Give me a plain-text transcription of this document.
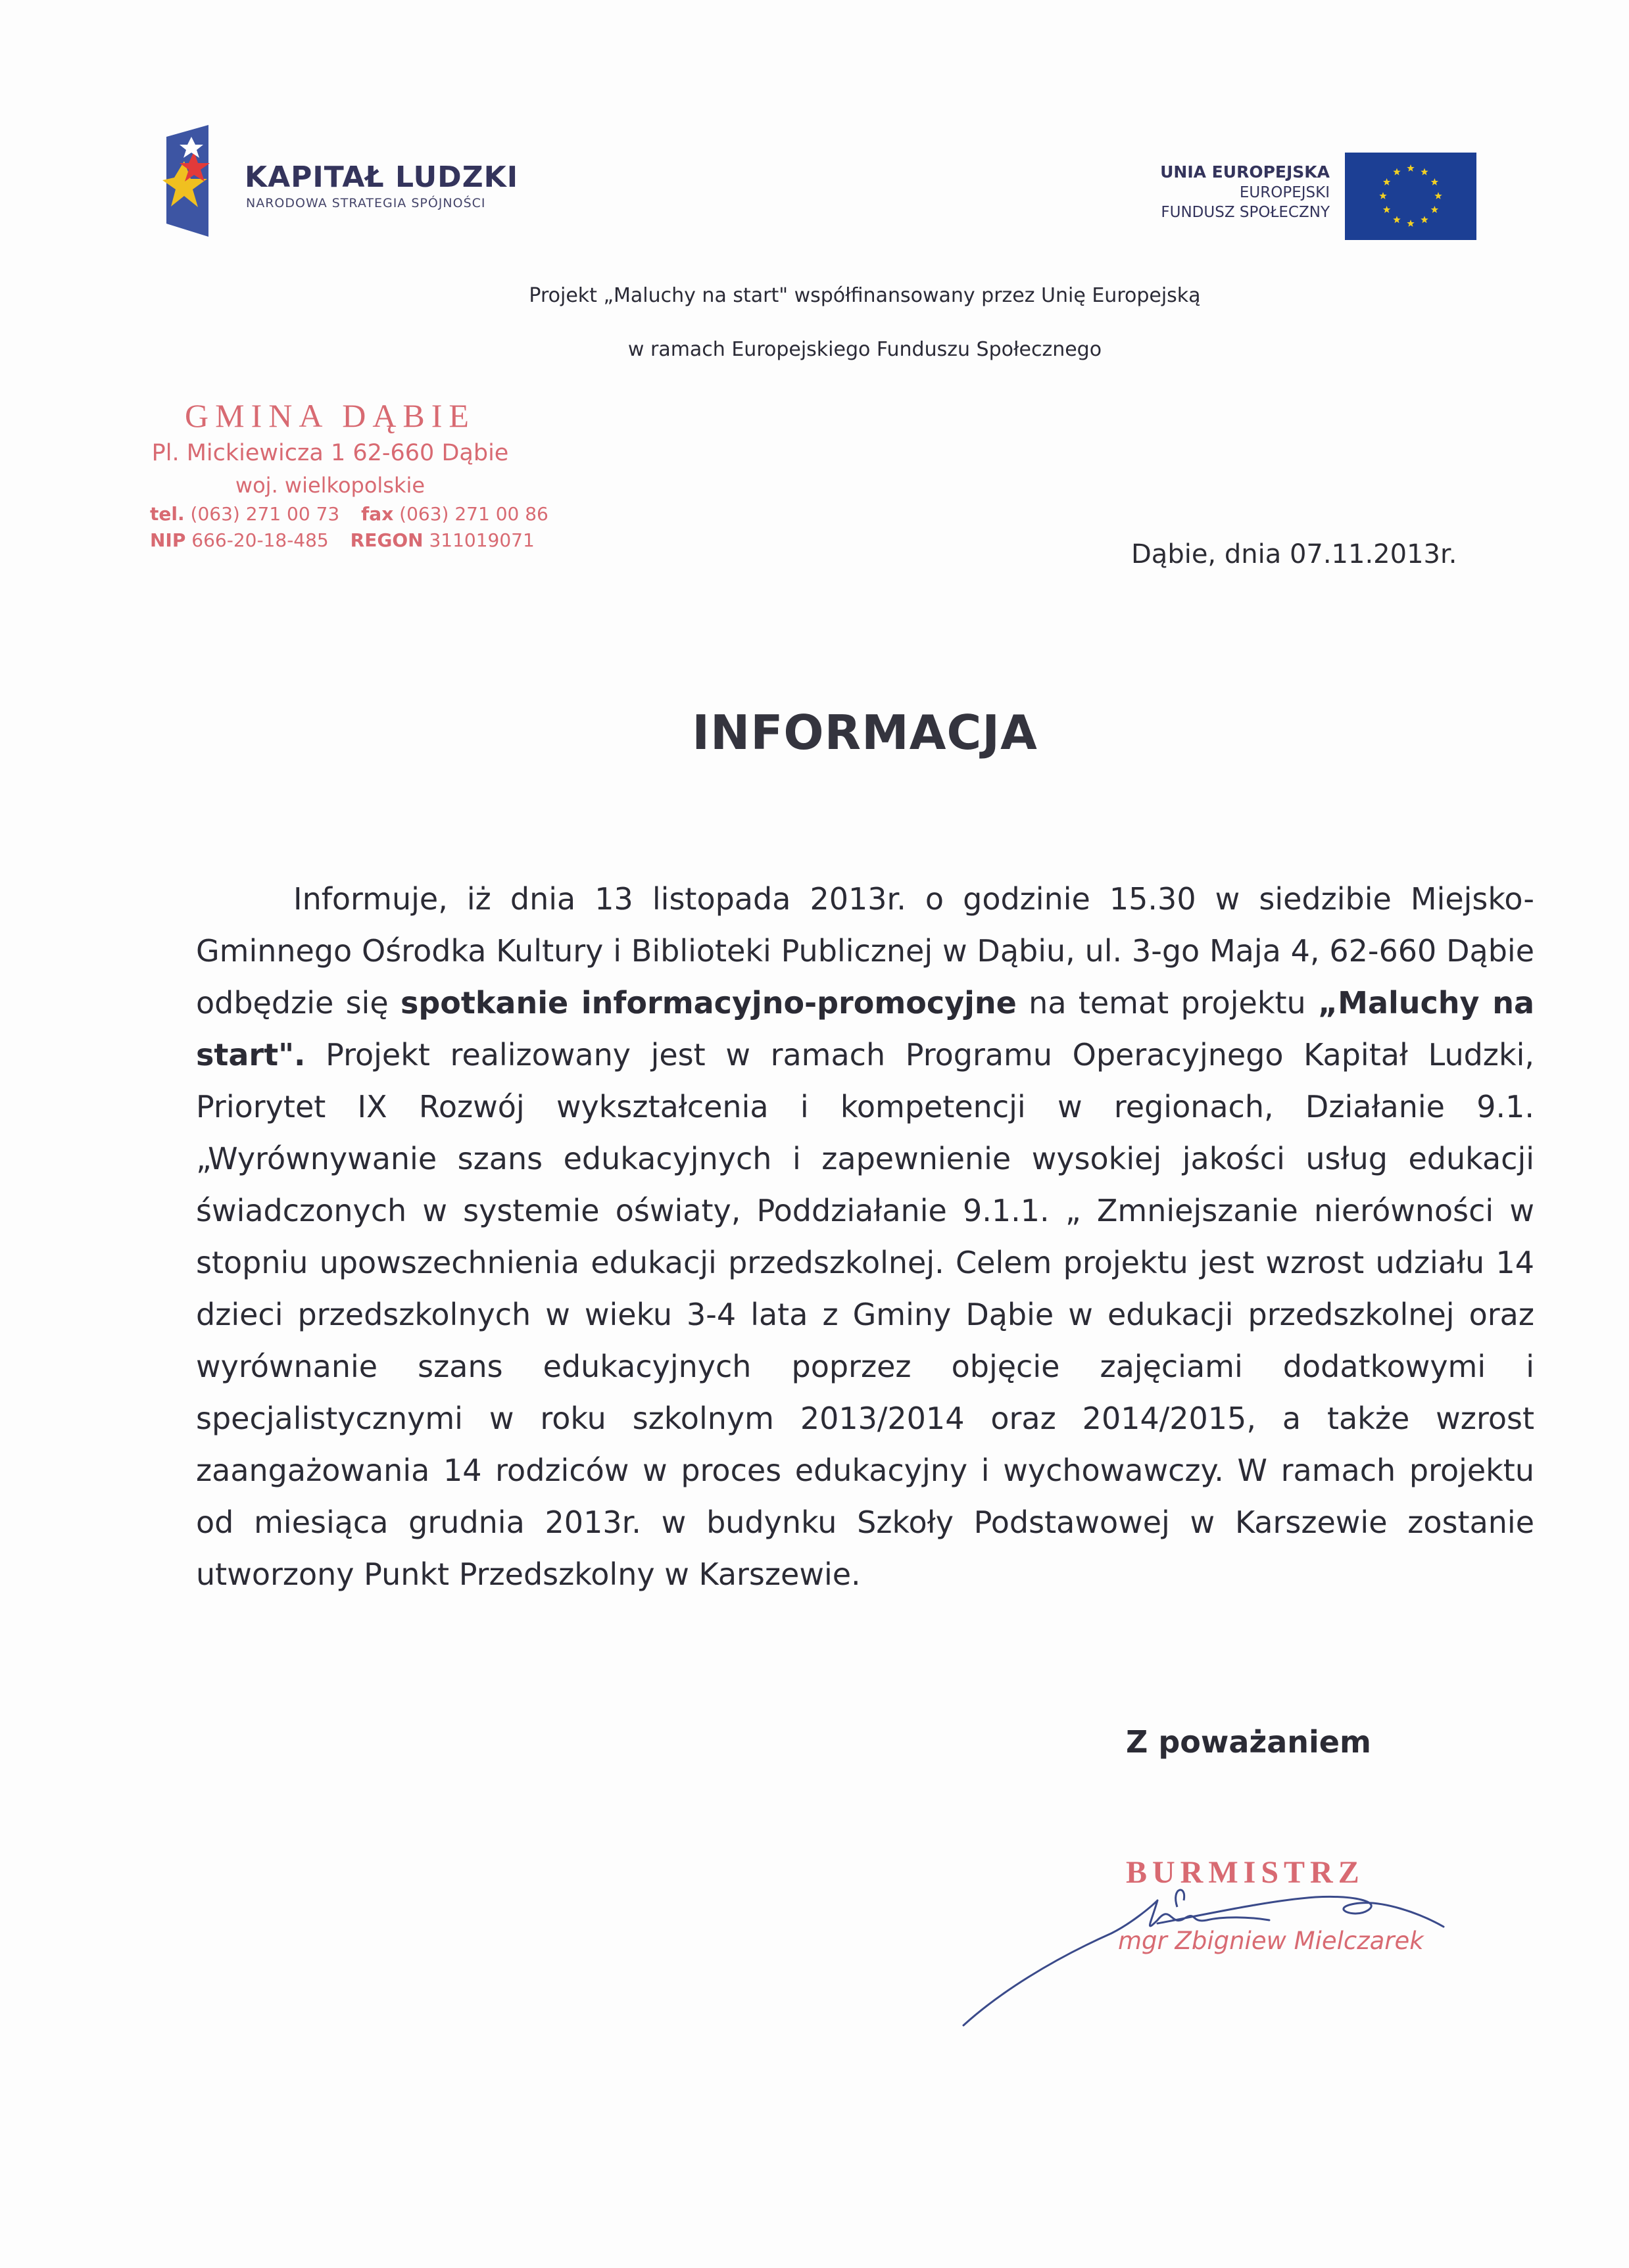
KAPITAŁ LUDZKI
NARODOWA STRATEGIA SPÓJNOŚCI
UNIA EUROPEJSKA
EUROPEJSKI
FUNDUSZ SPOŁECZNY
Projekt „Maluchy na start" współfinansowany przez Unię Europejską
w ramach Europejskiego Funduszu Społecznego
GMINA DĄBIE
Pl. Mickiewicza 1 62-660 Dąbie
woj. wielkopolskie
tel. (063) 271 00 73 fax (063) 271 00 86
NIP 666-20-18-485 REGON 311019071	Dąbie, dnia 07.11.2013r.
INFORMACJA

Informuje, iż dnia 13 listopada 2013r. o godzinie 15.30 w siedzibie Miejsko-Gminnego Ośrodka Kultury i Biblioteki Publicznej w Dąbiu, ul. 3-go Maja 4, 62-660 Dąbie odbędzie się spotkanie informacyjno-promocyjne na temat projektu „Maluchy na start". Projekt realizowany jest w ramach Programu Operacyjnego Kapitał Ludzki, Priorytet IX Rozwój wykształcenia i kompetencji w regionach, Działanie 9.1. „Wyrównywanie szans edukacyjnych i zapewnienie wysokiej jakości usług edukacji świadczonych w systemie oświaty, Poddziałanie 9.1.1. „ Zmniejszanie nierówności w stopniu upowszechnienia edukacji przedszkolnej. Celem projektu jest wzrost udziału 14 dzieci przedszkolnych w wieku 3-4 lata z Gminy Dąbie w edukacji przedszkolnej oraz wyrównanie szans edukacyjnych poprzez objęcie zajęciami dodatkowymi i specjalistycznymi w roku szkolnym 2013/2014 oraz 2014/2015, a także wzrost zaangażowania 14 rodziców w proces edukacyjny i wychowawczy. W ramach projektu od miesiąca grudnia 2013r. w budynku Szkoły Podstawowej w Karszewie zostanie utworzony Punkt Przedszkolny w Karszewie.

Z poważaniem
BURMISTRZ
mgr Zbigniew Mielczarek
